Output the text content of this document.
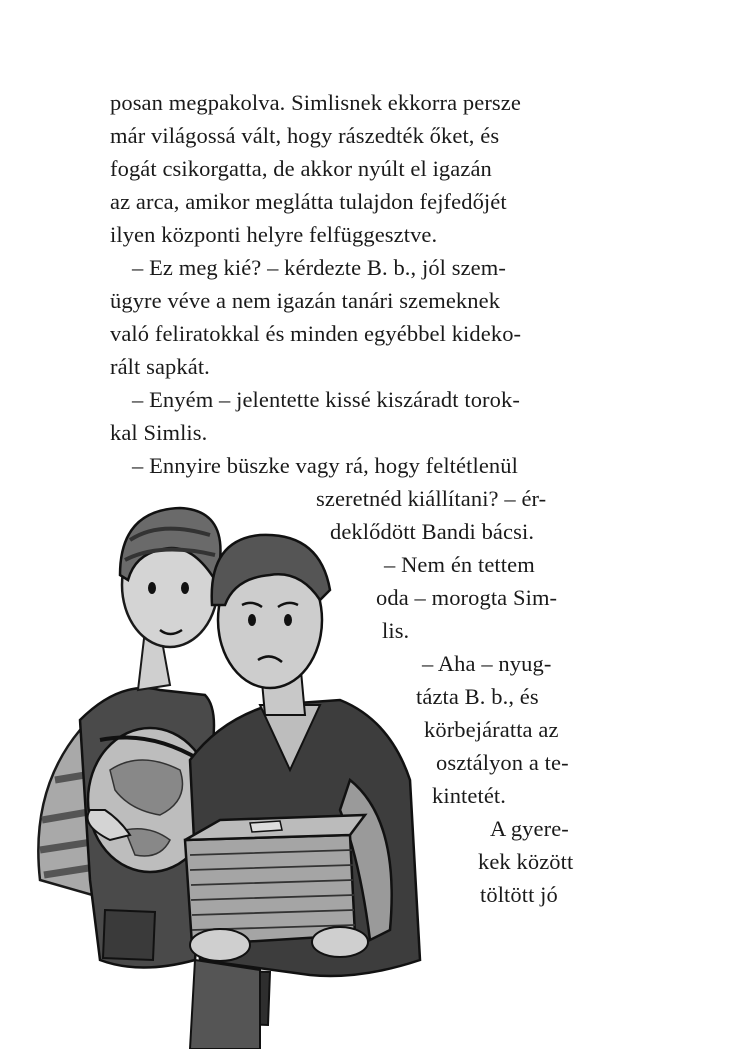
posan megpakolva. Simlisnek ekkorra persze
már világossá vált, hogy rászedték őket, és
fogát csikorgatta, de akkor nyúlt el igazán
az arca, amikor meglátta tulajdon fejfedőjét
ilyen központi helyre felfüggesztve.
– Ez meg kié? – kérdezte B. b., jól szem-
ügyre véve a nem igazán tanári szemeknek
való feliratokkal és minden egyébbel kideko-
rált sapkát.
– Enyém – jelentette kissé kiszáradt torok-
kal Simlis.
– Ennyire büszke vagy rá, hogy feltétlenül
szeretnéd kiállítani? – ér-
deklődött Bandi bácsi.
– Nem én tettem
oda – morogta Sim-
lis.
– Aha – nyug-
tázta B. b., és
körbejáratta az
osztályon a te-
kintetét.
A gyere-
kek között
töltött jó
